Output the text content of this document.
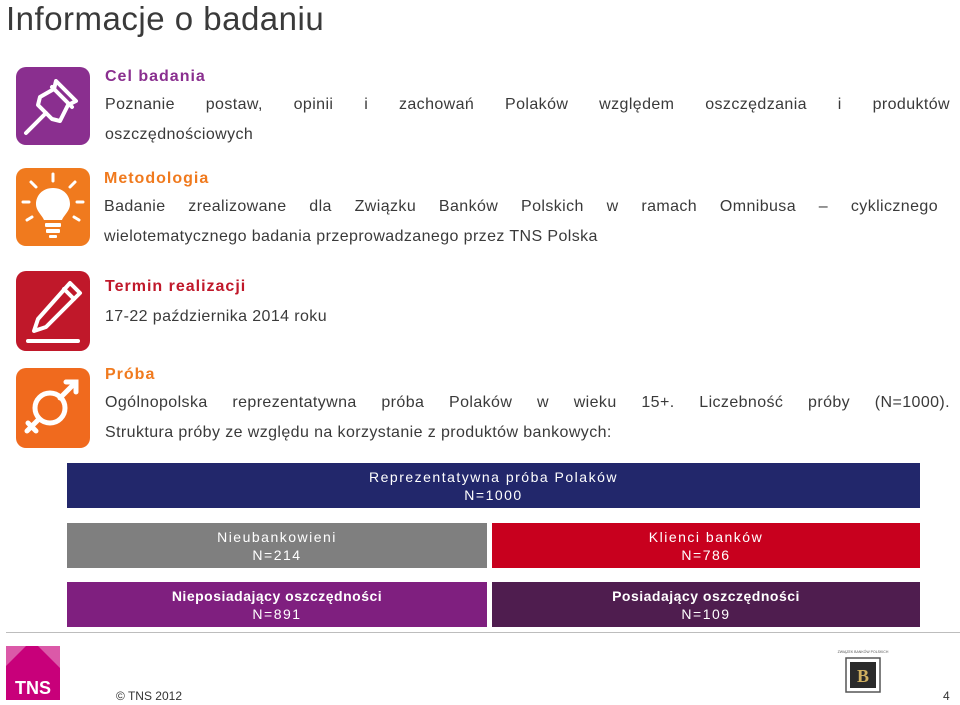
Informacje o badaniu
Cel badania
Poznanie postaw, opinii i zachowań Polaków względem oszczędzania i produktów
oszczędnościowych
Metodologia
Badanie zrealizowane dla Związku Banków Polskich w ramach Omnibusa – cyklicznego
wielotematycznego badania przeprowadzanego przez TNS Polska
Termin realizacji
17-22 października 2014 roku
Próba
Ogólnopolska reprezentatywna próba Polaków w wieku 15+. Liczebność próby (N=1000).
Struktura próby ze względu na korzystanie z produktów bankowych:
Reprezentatywna próba Polaków
N=1000
Nieubankowieni
N=214
Klienci banków
N=786
Nieposiadający oszczędności
N=891
Posiadający oszczędności
N=109
TNS	© TNS 2012	4
B
ZWIĄZEK BANKÓW POLSKICH
